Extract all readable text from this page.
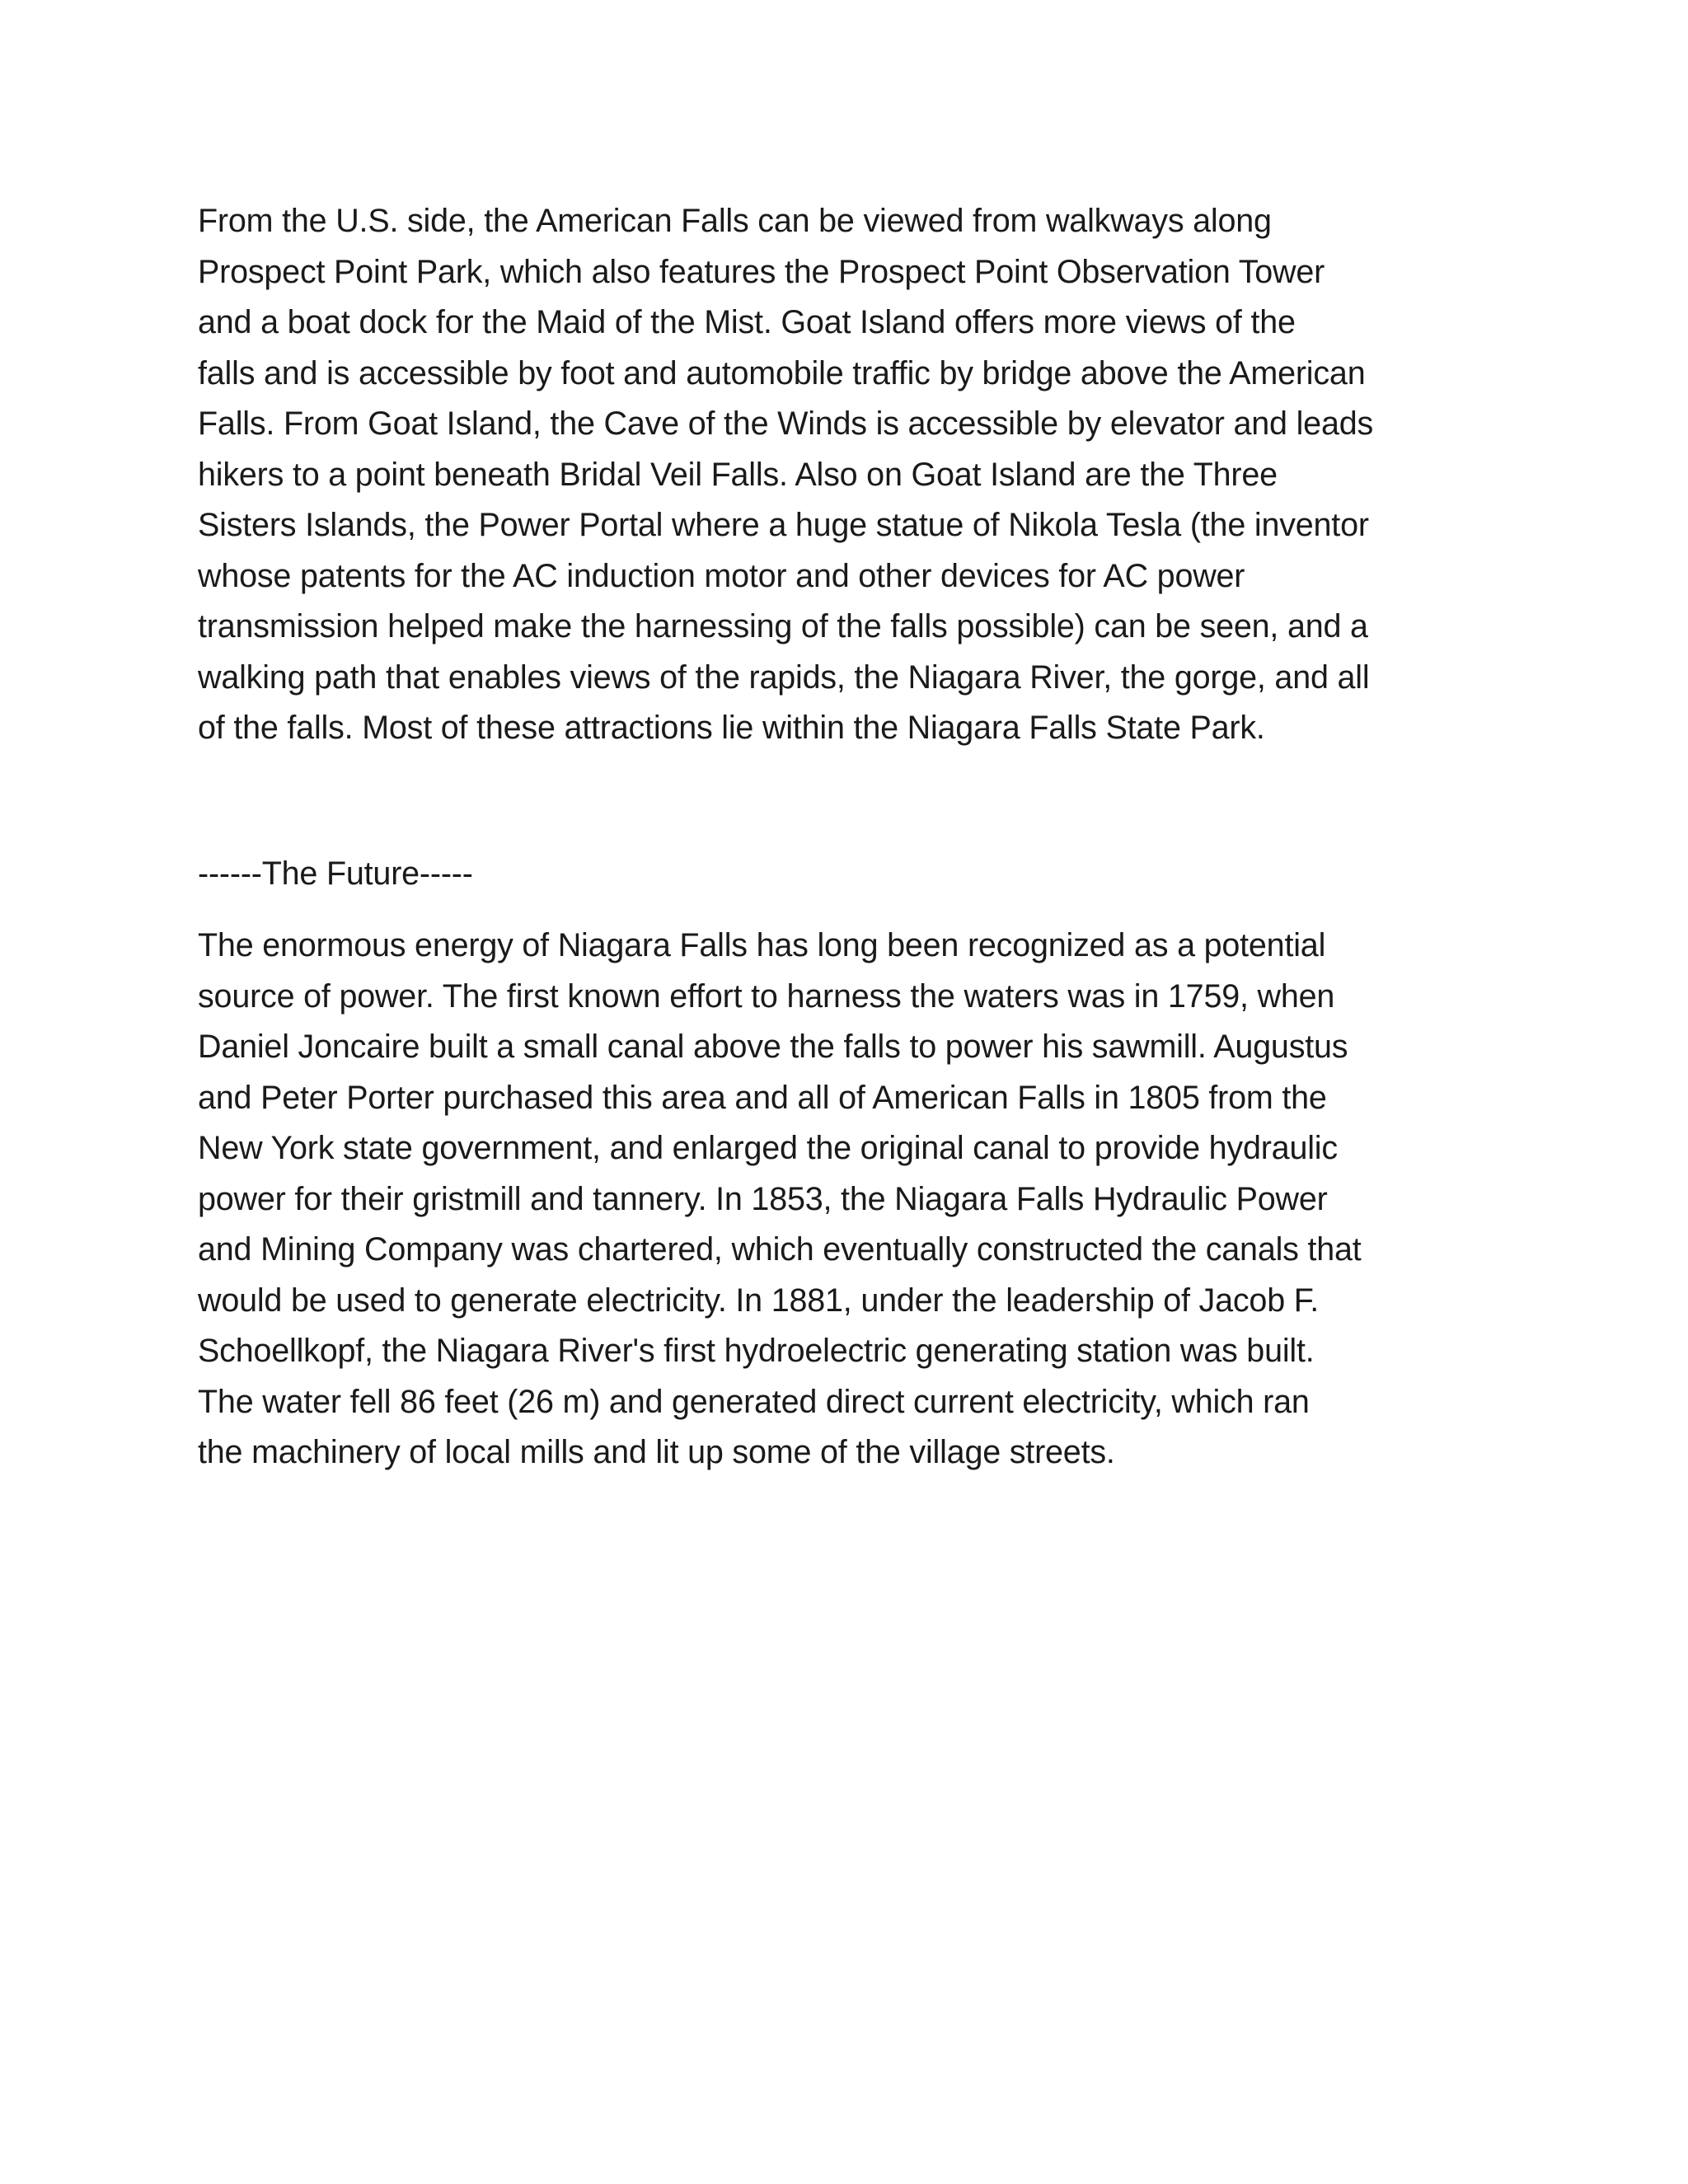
From the U.S. side, the American Falls can be viewed from walkways along
Prospect Point Park, which also features the Prospect Point Observation Tower
and a boat dock for the Maid of the Mist. Goat Island offers more views of the
falls and is accessible by foot and automobile traffic by bridge above the American
Falls. From Goat Island, the Cave of the Winds is accessible by elevator and leads
hikers to a point beneath Bridal Veil Falls. Also on Goat Island are the Three
Sisters Islands, the Power Portal where a huge statue of Nikola Tesla (the inventor
whose patents for the AC induction motor and other devices for AC power
transmission helped make the harnessing of the falls possible) can be seen, and a
walking path that enables views of the rapids, the Niagara River, the gorge, and all
of the falls. Most of these attractions lie within the Niagara Falls State Park.

------The Future-----

The enormous energy of Niagara Falls has long been recognized as a potential
source of power. The first known effort to harness the waters was in 1759, when
Daniel Joncaire built a small canal above the falls to power his sawmill. Augustus
and Peter Porter purchased this area and all of American Falls in 1805 from the
New York state government, and enlarged the original canal to provide hydraulic
power for their gristmill and tannery. In 1853, the Niagara Falls Hydraulic Power
and Mining Company was chartered, which eventually constructed the canals that
would be used to generate electricity. In 1881, under the leadership of Jacob F.
Schoellkopf, the Niagara River's first hydroelectric generating station was built.
The water fell 86 feet (26 m) and generated direct current electricity, which ran
the machinery of local mills and lit up some of the village streets.
